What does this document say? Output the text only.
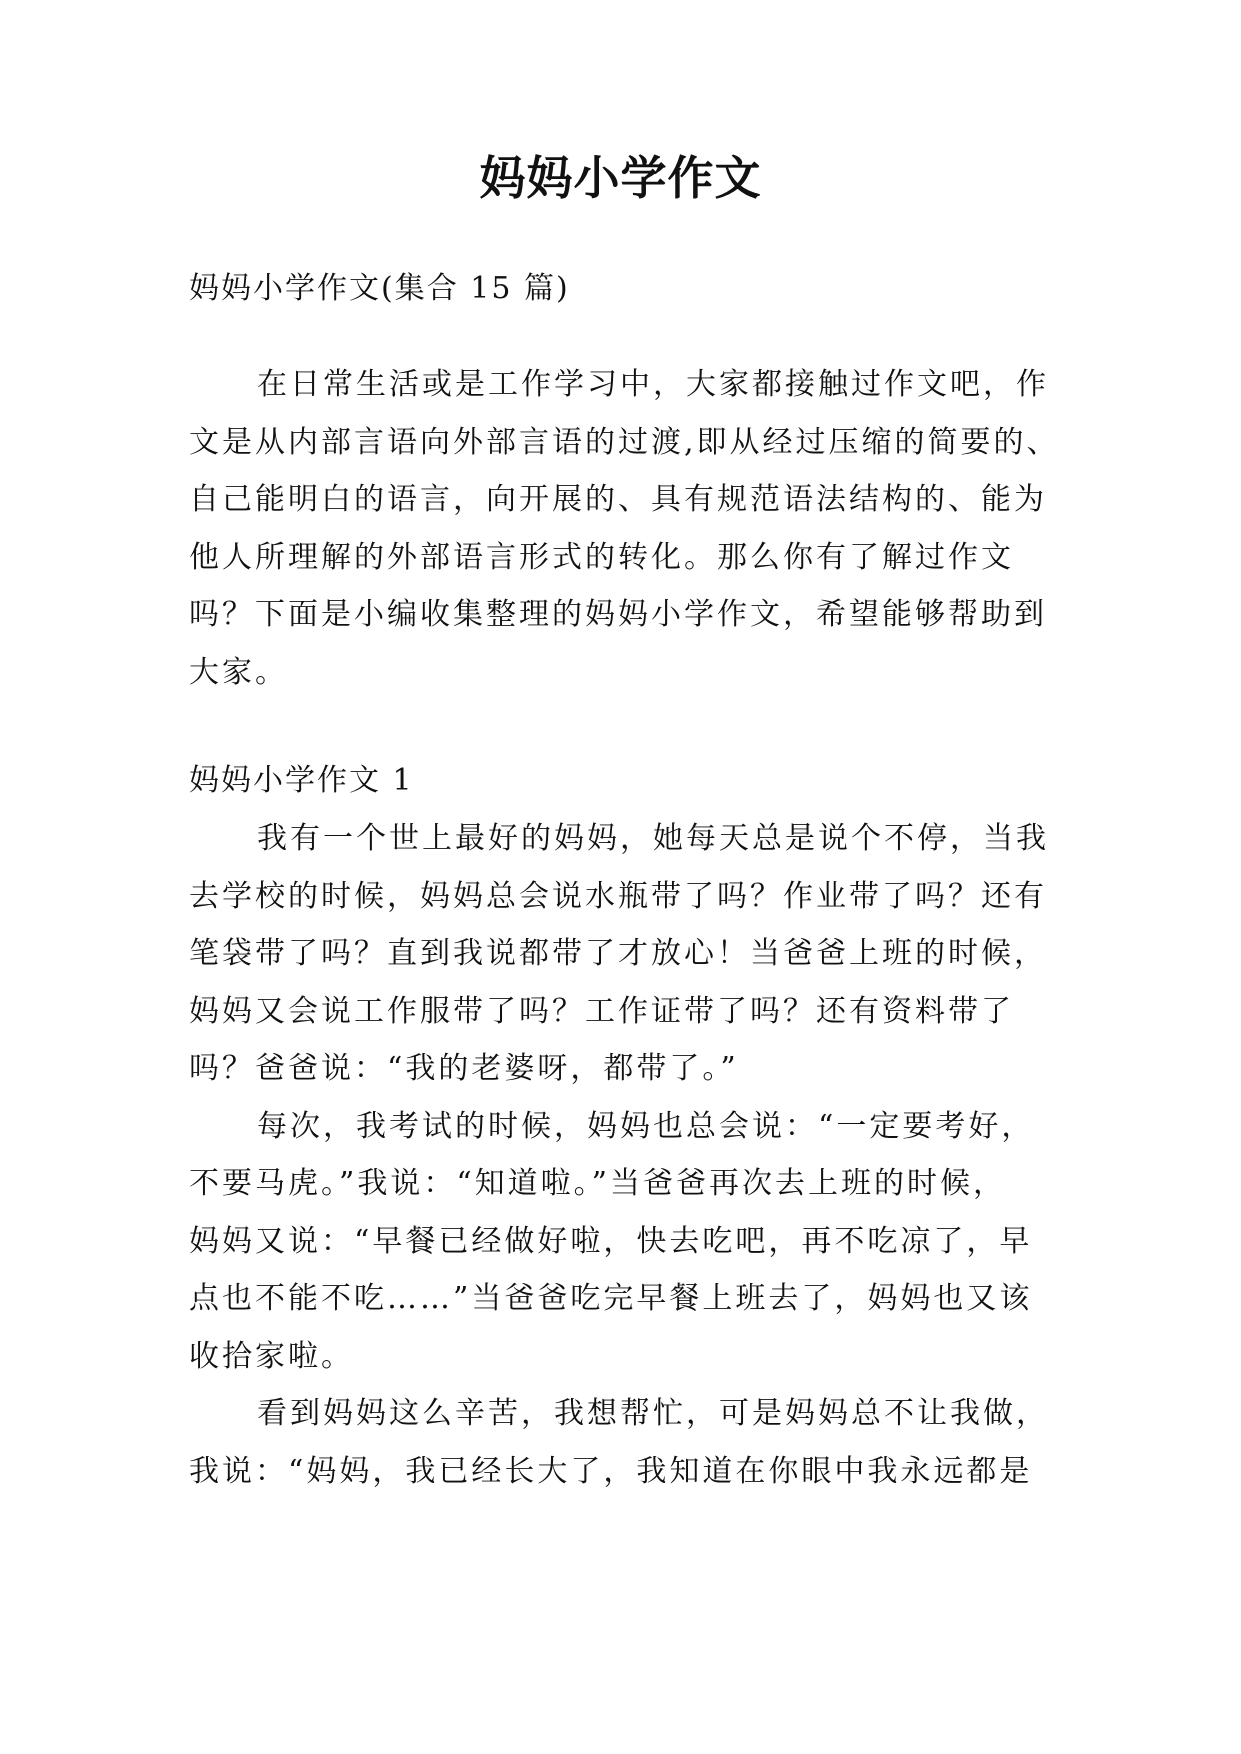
妈妈小学作文
妈妈小学作文(集合 15 篇)

在日常生活或是工作学习中，大家都接触过作文吧，作
文是从内部言语向外部言语的过渡,即从经过压缩的简要的、
自己能明白的语言，向开展的、具有规范语法结构的、能为
他人所理解的外部语言形式的转化。那么你有了解过作文
吗？下面是小编收集整理的妈妈小学作文，希望能够帮助到
大家。

妈妈小学作文 1

我有一个世上最好的妈妈，她每天总是说个不停，当我
去学校的时候，妈妈总会说水瓶带了吗？作业带了吗？还有
笔袋带了吗？直到我说都带了才放心！当爸爸上班的时候，
妈妈又会说工作服带了吗？工作证带了吗？还有资料带了
吗？爸爸说：“我的老婆呀，都带了。”

每次，我考试的时候，妈妈也总会说：“一定要考好，
不要马虎。”我说：“知道啦。”当爸爸再次去上班的时候，
妈妈又说：“早餐已经做好啦，快去吃吧，再不吃凉了，早
点也不能不吃……”当爸爸吃完早餐上班去了，妈妈也又该
收拾家啦。

看到妈妈这么辛苦，我想帮忙，可是妈妈总不让我做，
我说：“妈妈，我已经长大了，我知道在你眼中我永远都是
